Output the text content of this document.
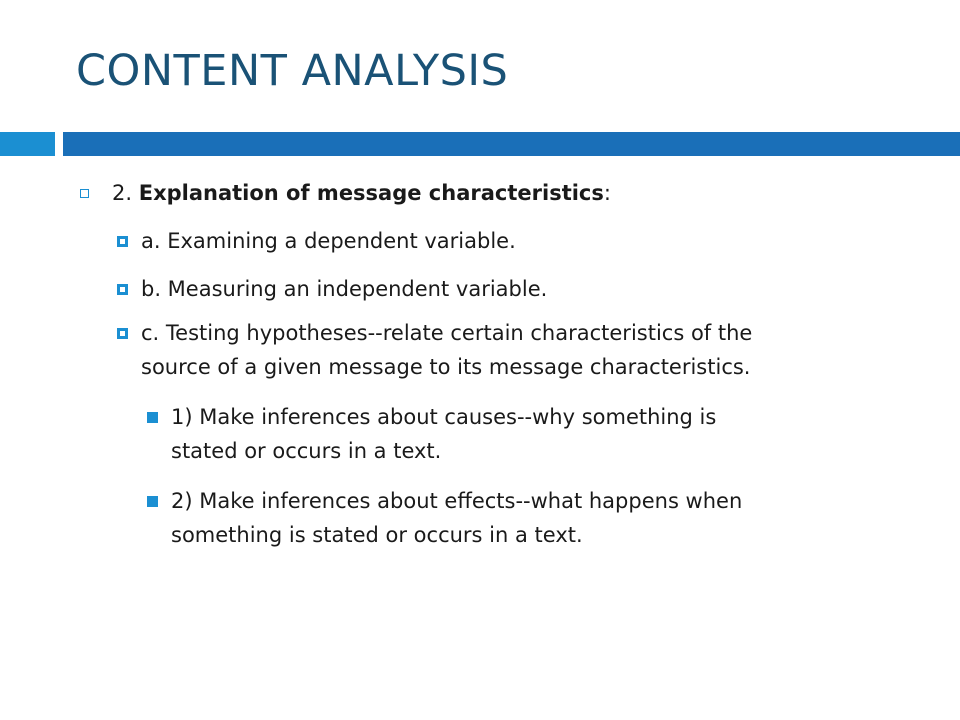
CONTENT ANALYSIS
2. Explanation of message characteristics:
a. Examining a dependent variable.
b. Measuring an independent variable.
c. Testing hypotheses--relate certain characteristics of the
source of a given message to its message characteristics.
1) Make inferences about causes--why something is
stated or occurs in a text.
2) Make inferences about effects--what happens when
something is stated or occurs in a text.
